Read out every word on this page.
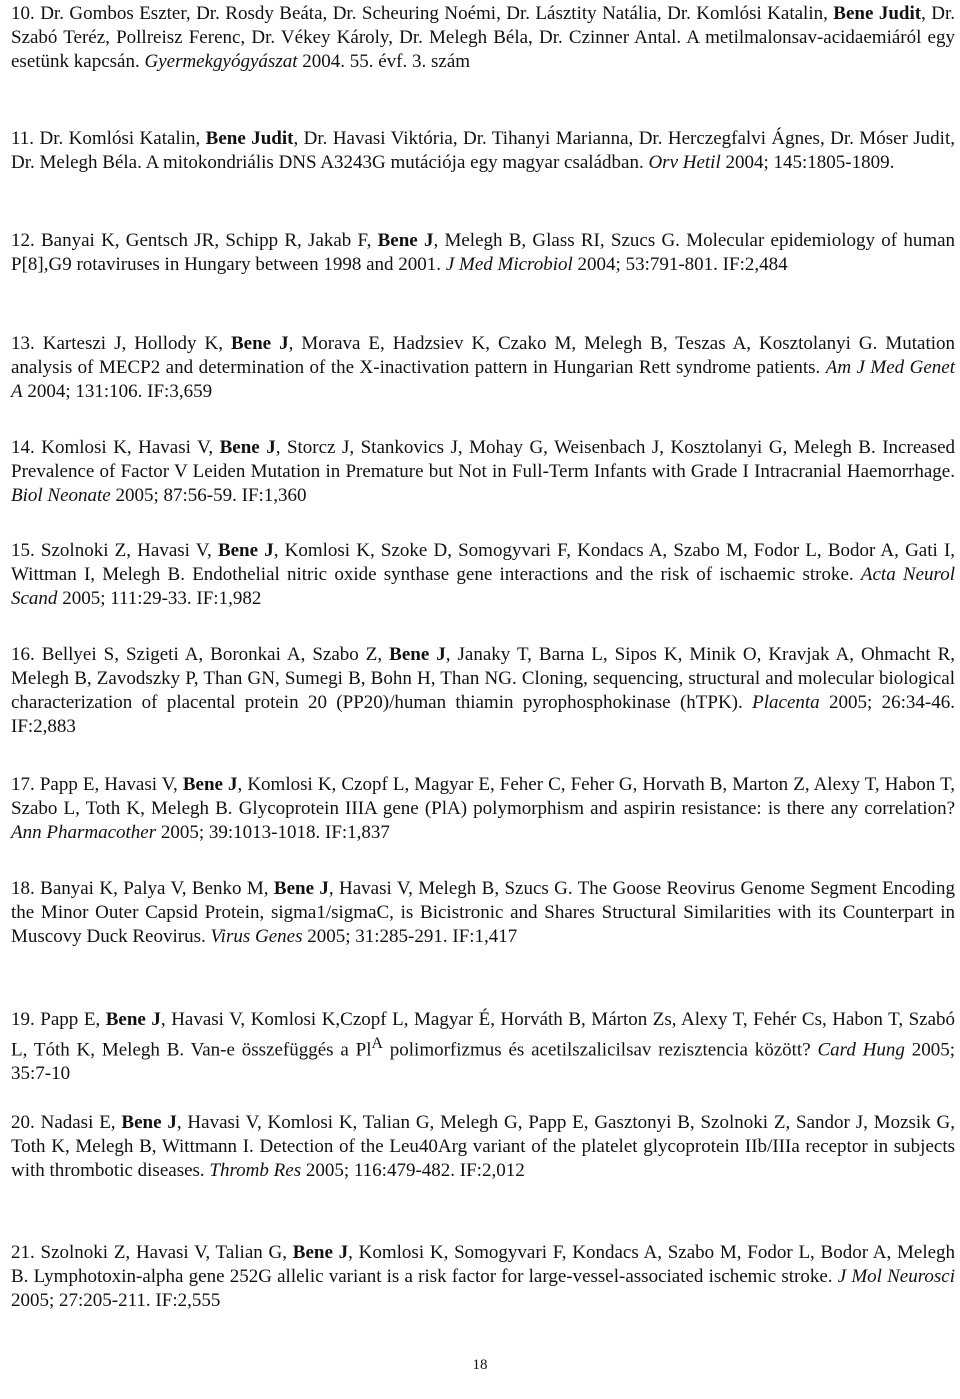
10. Dr. Gombos Eszter, Dr. Rosdy Beáta, Dr. Scheuring Noémi, Dr. Lásztity Natália, Dr. Komlósi Katalin, Bene Judit, Dr. Szabó Teréz, Pollreisz Ferenc, Dr. Vékey Károly, Dr. Melegh Béla, Dr. Czinner Antal. A metilmalonsav-acidaemiáról egy esetünk kapcsán. Gyermekgyógyászat 2004. 55. évf. 3. szám

11. Dr. Komlósi Katalin, Bene Judit, Dr. Havasi Viktória, Dr. Tihanyi Marianna, Dr. Herczegfalvi Ágnes, Dr. Móser Judit, Dr. Melegh Béla. A mitokondriális DNS A3243G mutációja egy magyar családban. Orv Hetil 2004; 145:1805-1809.

12. Banyai K, Gentsch JR, Schipp R, Jakab F, Bene J, Melegh B, Glass RI, Szucs G. Molecular epidemiology of human P[8],G9 rotaviruses in Hungary between 1998 and 2001. J Med Microbiol 2004; 53:791-801. IF:2,484

13. Karteszi J, Hollody K, Bene J, Morava E, Hadzsiev K, Czako M, Melegh B, Teszas A, Kosztolanyi G. Mutation analysis of MECP2 and determination of the X-inactivation pattern in Hungarian Rett syndrome patients. Am J Med Genet A 2004; 131:106. IF:3,659

14. Komlosi K, Havasi V, Bene J, Storcz J, Stankovics J, Mohay G, Weisenbach J, Kosztolanyi G, Melegh B. Increased Prevalence of Factor V Leiden Mutation in Premature but Not in Full-Term Infants with Grade I Intracranial Haemorrhage. Biol Neonate 2005; 87:56-59. IF:1,360

15. Szolnoki Z, Havasi V, Bene J, Komlosi K, Szoke D, Somogyvari F, Kondacs A, Szabo M, Fodor L, Bodor A, Gati I, Wittman I, Melegh B. Endothelial nitric oxide synthase gene interactions and the risk of ischaemic stroke. Acta Neurol Scand 2005; 111:29-33. IF:1,982

16. Bellyei S, Szigeti A, Boronkai A, Szabo Z, Bene J, Janaky T, Barna L, Sipos K, Minik O, Kravjak A, Ohmacht R, Melegh B, Zavodszky P, Than GN, Sumegi B, Bohn H, Than NG. Cloning, sequencing, structural and molecular biological characterization of placental protein 20 (PP20)/human thiamin pyrophosphokinase (hTPK). Placenta 2005; 26:34-46. IF:2,883

17. Papp E, Havasi V, Bene J, Komlosi K, Czopf L, Magyar E, Feher C, Feher G, Horvath B, Marton Z, Alexy T, Habon T, Szabo L, Toth K, Melegh B. Glycoprotein IIIA gene (PlA) polymorphism and aspirin resistance: is there any correlation? Ann Pharmacother 2005; 39:1013-1018. IF:1,837

18. Banyai K, Palya V, Benko M, Bene J, Havasi V, Melegh B, Szucs G. The Goose Reovirus Genome Segment Encoding the Minor Outer Capsid Protein, sigma1/sigmaC, is Bicistronic and Shares Structural Similarities with its Counterpart in Muscovy Duck Reovirus. Virus Genes 2005; 31:285-291. IF:1,417

19. Papp E, Bene J, Havasi V, Komlosi K,Czopf L, Magyar É, Horváth B, Márton Zs, Alexy T, Fehér Cs, Habon T, Szabó L, Tóth K, Melegh B. Van-e összefüggés a $Pl^A$ polimorfizmus és acetilszalicilsav rezisztencia között? Card Hung 2005; 35:7-10

20. Nadasi E, Bene J, Havasi V, Komlosi K, Talian G, Melegh G, Papp E, Gasztonyi B, Szolnoki Z, Sandor J, Mozsik G, Toth K, Melegh B, Wittmann I. Detection of the Leu40Arg variant of the platelet glycoprotein IIb/IIIa receptor in subjects with thrombotic diseases. Thromb Res 2005; 116:479-482. IF:2,012

21. Szolnoki Z, Havasi V, Talian G, Bene J, Komlosi K, Somogyvari F, Kondacs A, Szabo M, Fodor L, Bodor A, Melegh B. Lymphotoxin-alpha gene 252G allelic variant is a risk factor for large-vessel-associated ischemic stroke. J Mol Neurosci 2005; 27:205-211. IF:2,555

18
